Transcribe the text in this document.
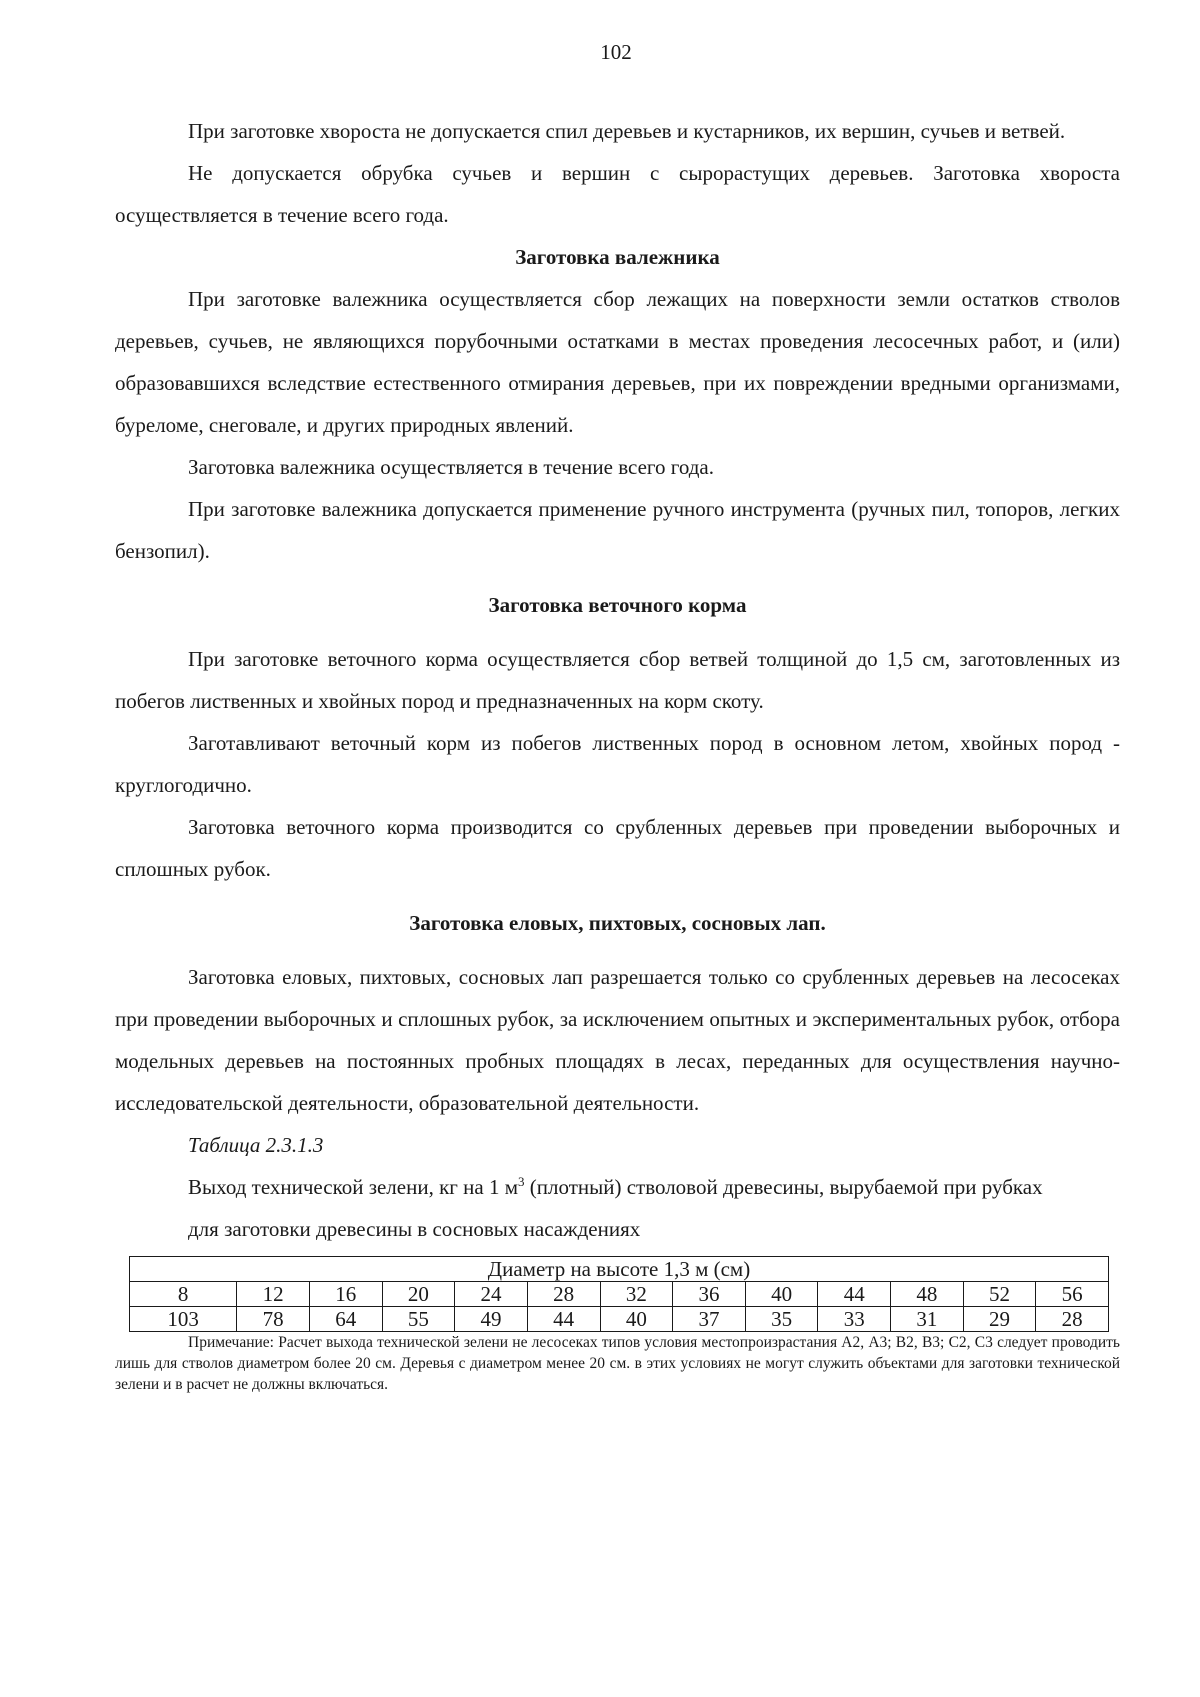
102

При заготовке хвороста не допускается спил деревьев и кустарников, их вершин, сучьев и ветвей.

Не допускается обрубка сучьев и вершин с сырорастущих деревьев. Заготовка хвороста осуществляется в течение всего года.

Заготовка валежника

При заготовке валежника осуществляется сбор лежащих на поверхности земли остатков стволов деревьев, сучьев, не являющихся порубочными остатками в местах проведения лесосечных работ, и (или) образовавшихся вследствие естественного отмирания деревьев, при их повреждении вредными организмами, буреломе, снеговале, и других природных явлений.

Заготовка валежника осуществляется в течение всего года.

При заготовке валежника допускается применение ручного инструмента (ручных пил, топоров, легких бензопил).

Заготовка веточного корма

При заготовке веточного корма осуществляется сбор ветвей толщиной до 1,5 см, заготовленных из побегов лиственных и хвойных пород и предназначенных на корм скоту.

Заготавливают веточный корм из побегов лиственных пород в основном летом, хвойных пород - круглогодично.

Заготовка веточного корма производится со срубленных деревьев при проведении выборочных и сплошных рубок.

Заготовка еловых, пихтовых, сосновых лап.

Заготовка еловых, пихтовых, сосновых лап разрешается только со срубленных деревьев на лесосеках при проведении выборочных и сплошных рубок, за исключением опытных и экспериментальных рубок, отбора модельных деревьев на постоянных пробных площадях в лесах, переданных для осуществления научно-исследовательской деятельности, образовательной деятельности.

Таблица 2.3.1.3

Выход технической зелени, кг на 1 $м^3$ (плотный) стволовой древесины, вырубаемой при рубках

для заготовки древесины в сосновых насаждениях

Диаметр на высоте 1,3 м (см)												
8	12	16	20	24	28	32	36	40	44	48	52	56
103	78	64	55	49	44	40	37	35	33	31	29	28

Примечание: Расчет выхода технической зелени не лесосеках типов условия местопроизрастания А2, А3; В2, В3; С2, С3 следует проводить лишь для стволов диаметром более 20 см. Деревья с диаметром менее 20 см. в этих условиях не могут служить объектами для заготовки технической зелени и в расчет не должны включаться.
